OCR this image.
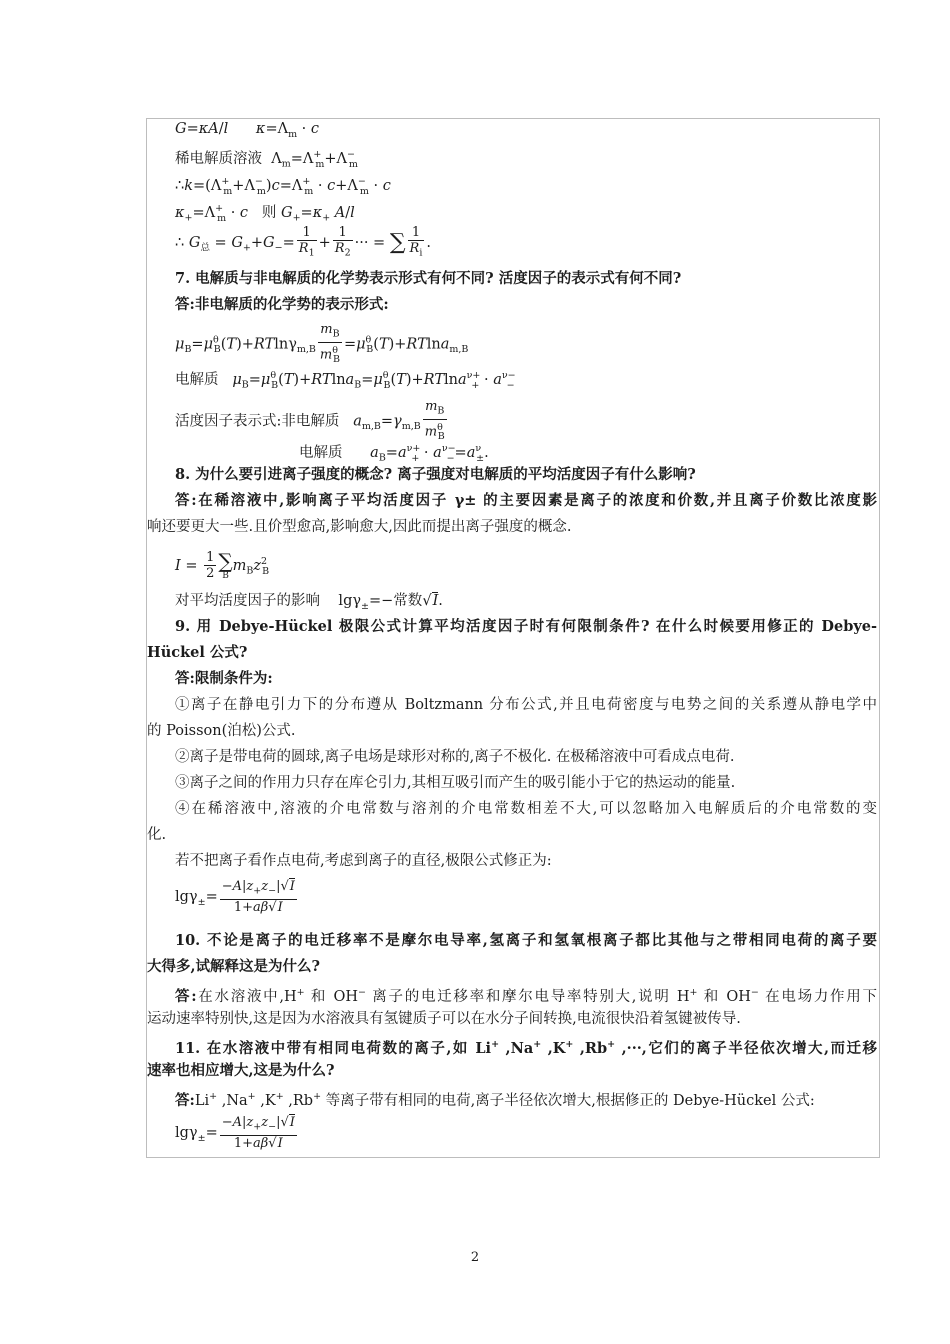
G=κA/l $\kappa=\Lambda_m \cdot c$
稀电解质溶液  $\Lambda_m=\Lambda^+_m+\Lambda^-_m$
$\therefore k=(\Lambda^+_m+\Lambda^-_m)c=\Lambda^+_m \cdot c+\Lambda^-_m \cdot c$
$\kappa_+=\Lambda^+_m \cdot c$   则 $G_+=\kappa_+$ A/l
∴ $G_总 = G_++G_-= \frac{1}{R_1} + \frac{1}{R_2}$ ··· = ∑ $\frac{1}{R_i}$ .
7. 电解质与非电解质的化学势表示形式有何不同? 活度因子的表示式有何不同?
答:非电解质的化学势的表示形式:
$\mu_B=\mu^\theta_B(T)+RTln\gamma_{m,B} \frac{m_B}{m^\theta_B} =\mu^\theta_B(T)+RTlna_{m,B}$
电解质 $\mu_B=\mu^\theta_B(T)+RTlna_B=\mu^\theta_B(T)+RTlna^{\nu+}_+ \cdot a^{\nu-}_-$
活度因子表示式:非电解质 $a_{m,B}=\gamma_{m,B} \frac{m_B}{m^\theta_B}$
电解质 $a_B=a^{\nu+}_+ \cdot a^{\nu-}_-=a^\nu_\pm$.
8. 为什么要引进离子强度的概念? 离子强度对电解质的平均活度因子有什么影响?
答:在稀溶液中,影响离子平均活度因子 γ± 的主要因素是离子的浓度和价数,并且离子价数比浓度影
响还要更大一些.且价型愈高,影响愈大,因此而提出离子强度的概念.
$I = \frac{1}{2}$ ∑
B
$m_Bz^2_B$
对平均活度因子的影响    lgγ$_\pm$=−常数√I.
9. 用 Debye-Hückel 极限公式计算平均活度因子时有何限制条件? 在什么时候要用修正的 Debye-
Hückel 公式?
答:限制条件为:
①离子在静电引力下的分布遵从 Boltzmann 分布公式,并且电荷密度与电势之间的关系遵从静电学中
的 Poisson(泊松)公式.
②离子是带电荷的圆球,离子电场是球形对称的,离子不极化. 在极稀溶液中可看成点电荷.
③离子之间的作用力只存在库仑引力,其相互吸引而产生的吸引能小于它的热运动的能量.
④在稀溶液中,溶液的介电常数与溶剂的介电常数相差不大,可以忽略加入电解质后的介电常数的变
化.
若不把离子看作点电荷,考虑到离子的直径,极限公式修正为:
$\lg\gamma_\pm= \frac{-A|z_+z_-|√I}{1+a\beta√I}$
10. 不论是离子的电迁移率不是摩尔电导率,氢离子和氢氧根离子都比其他与之带相同电荷的离子要
大得多,试解释这是为什么?
答:在水溶液中,H+ 和 OH− 离子的电迁移率和摩尔电导率特别大,说明 H+ 和 OH− 在电场力作用下
运动速率特别快,这是因为水溶液具有氢键质子可以在水分子间转换,电流很快沿着氢键被传导.
11. 在水溶液中带有相同电荷数的离子,如 Li+ ,Na+ ,K+ ,Rb+ ,···,它们的离子半径依次增大,而迁移
速率也相应增大,这是为什么?
答:Li+ ,Na+ ,K+ ,Rb+ 等离子带有相同的电荷,离子半径依次增大,根据修正的 Debye-Hückel 公式:
$\lg\gamma_\pm= \frac{-A|z_+z_-|√I}{1+a\beta√I}$
2
